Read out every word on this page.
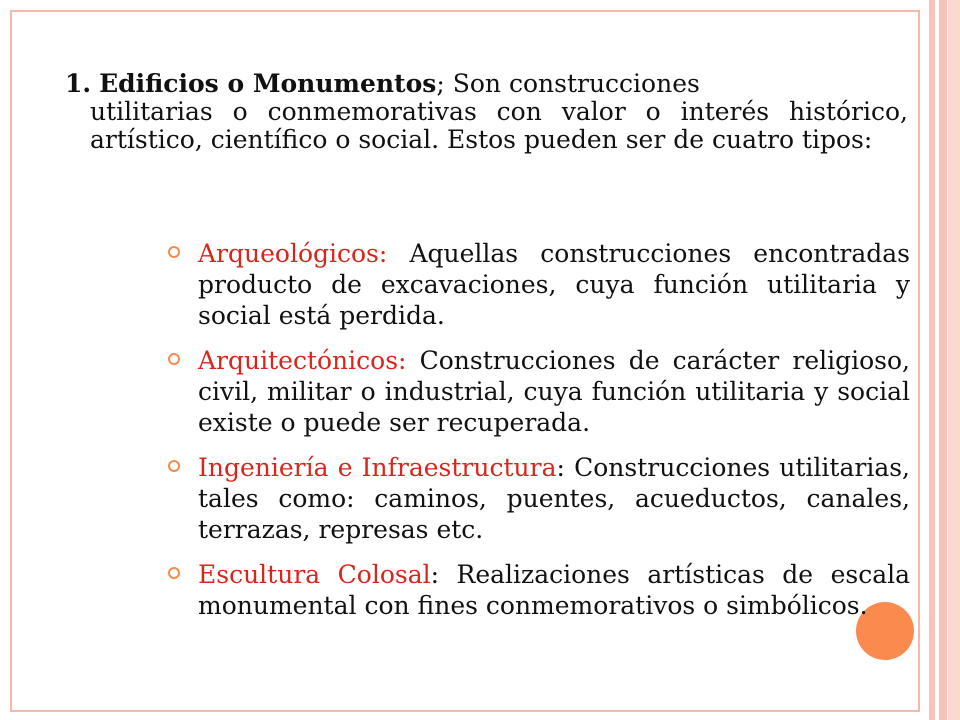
1. Edificios o Monumentos; Son construcciones
utilitarias o conmemorativas con valor o interés histórico, artístico, científico o social. Estos pueden ser de cuatro tipos:
Arqueológicos: Aquellas construcciones encontradas producto de excavaciones, cuya función utilitaria y social está perdida.
Arquitectónicos: Construcciones de carácter religioso, civil, militar o industrial, cuya función utilitaria y social existe o puede ser recuperada.
Ingeniería e Infraestructura: Construcciones utilitarias, tales como: caminos, puentes, acueductos, canales, terrazas, represas etc.
Escultura Colosal: Realizaciones artísticas de escala monumental con fines conmemorativos o simbólicos.
